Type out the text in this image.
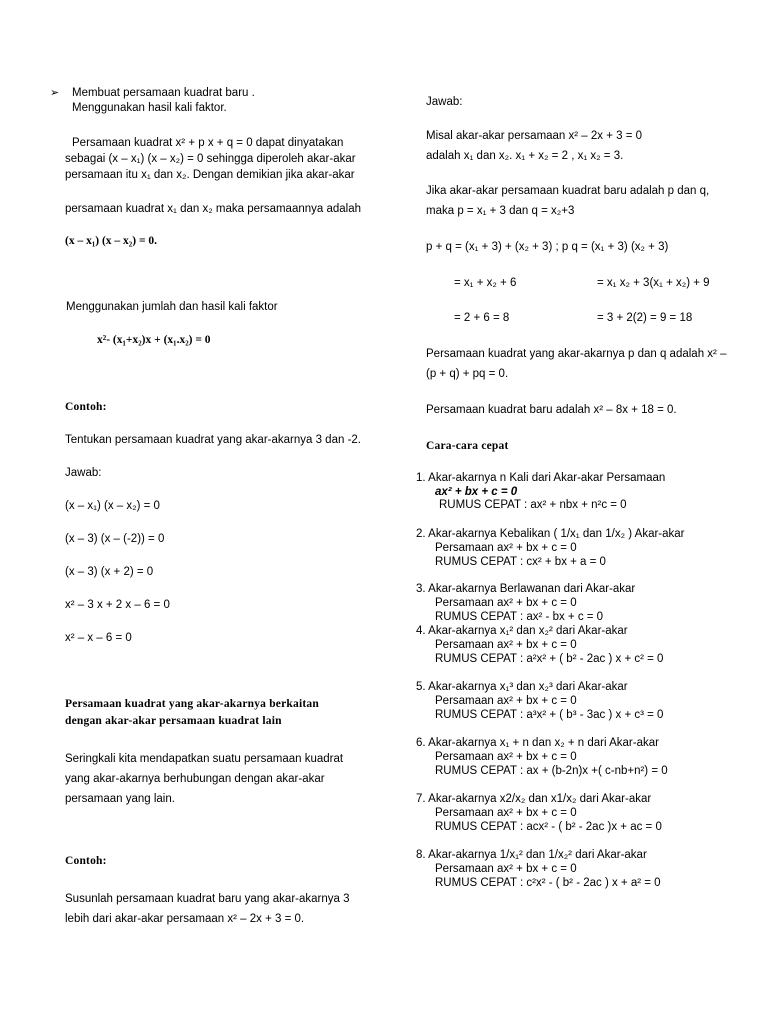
➢ Membuat persamaan kuadrat baru .
Menggunakan hasil kali faktor.
Persamaan kuadrat x² + p x + q = 0 dapat dinyatakan
sebagai (x – x₁) (x – x₂) = 0 sehingga diperoleh akar-akar
persamaan itu x₁ dan x₂. Dengan demikian jika akar-akar
persamaan kuadrat x₁ dan x₂ maka persamaannya adalah
(x – x₁) (x – x₂) = 0.
Menggunakan jumlah dan hasil kali faktor
x²- (x₁+x₂)x + (x₁.x₂) = 0
Contoh:
Tentukan persamaan kuadrat yang akar-akarnya 3 dan -2.
Jawab:
(x – x₁) (x – x₂) = 0
(x – 3) (x – (-2)) = 0
(x – 3) (x + 2) = 0
x² – 3 x + 2 x – 6 = 0
x² – x – 6 = 0
Persamaan kuadrat yang akar-akarnya berkaitan
dengan akar-akar persamaan kuadrat lain
Seringkali kita mendapatkan suatu persamaan kuadrat
yang akar-akarnya berhubungan dengan akar-akar
persamaan yang lain.
Contoh:
Susunlah persamaan kuadrat baru yang akar-akarnya 3
lebih dari akar-akar persamaan x² – 2x + 3 = 0.
Jawab:
Misal akar-akar persamaan x² – 2x + 3 = 0
adalah x₁ dan x₂. x₁ + x₂ = 2 , x₁ x₂ = 3.
Jika akar-akar persamaan kuadrat baru adalah p dan q,
maka p = x₁ + 3 dan q = x₂+3
p + q = (x₁ + 3) + (x₂ + 3) ; p q = (x₁ + 3) (x₂ + 3)
= x₁ + x₂ + 6	= x₁ x₂ + 3(x₁ + x₂) + 9
= 2 + 6 = 8	= 3 + 2(2) = 9 = 18
Persamaan kuadrat yang akar-akarnya p dan q adalah x² –
(p + q) + pq = 0.
Persamaan kuadrat baru adalah x² – 8x + 18 = 0.
Cara-cara cepat
1. Akar-akarnya n Kali dari Akar-akar Persamaan
ax² + bx + c = 0
RUMUS CEPAT : ax² + nbx + n²c = 0
2. Akar-akarnya Kebalikan ( 1/x₁ dan 1/x₂ ) Akar-akar
Persamaan ax² + bx + c = 0
RUMUS CEPAT : cx² + bx + a = 0
3. Akar-akarnya Berlawanan dari Akar-akar
Persamaan ax² + bx + c = 0
RUMUS CEPAT : ax² - bx + c = 0
4. Akar-akarnya x₁² dan x₂² dari Akar-akar
Persamaan ax² + bx + c = 0
RUMUS CEPAT : a²x² + ( b² - 2ac ) x + c² = 0
5. Akar-akarnya x₁³ dan x₂³ dari Akar-akar
Persamaan ax² + bx + c = 0
RUMUS CEPAT : a³x² + ( b³ - 3ac ) x + c³ = 0
6. Akar-akarnya x₁ + n dan x₂ + n dari Akar-akar
Persamaan ax² + bx + c = 0
RUMUS CEPAT : ax + (b-2n)x +( c-nb+n²) = 0
7. Akar-akarnya x2/x₂ dan x1/x₂ dari Akar-akar
Persamaan ax² + bx + c = 0
RUMUS CEPAT : acx² - ( b² - 2ac )x + ac = 0
8. Akar-akarnya 1/x₁² dan 1/x₂² dari Akar-akar
Persamaan ax² + bx + c = 0
RUMUS CEPAT : c²x² - ( b² - 2ac ) x + a² = 0
